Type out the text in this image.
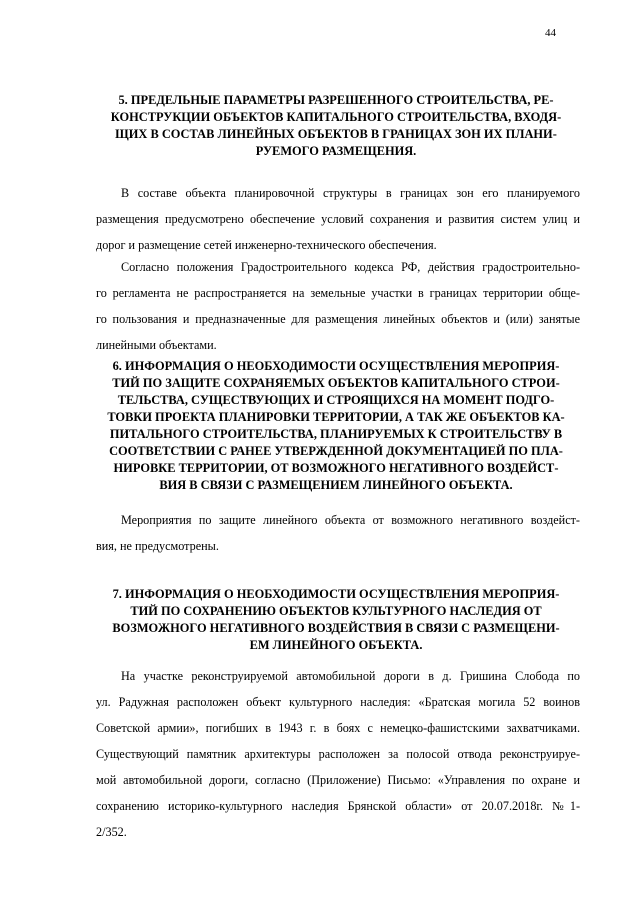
44
5. ПРЕДЕЛЬНЫЕ ПАРАМЕТРЫ РАЗРЕШЕННОГО СТРОИТЕЛЬСТВА, РЕ-
КОНСТРУКЦИИ ОБЪЕКТОВ КАПИТАЛЬНОГО СТРОИТЕЛЬСТВА, ВХОДЯ-
ЩИХ В СОСТАВ ЛИНЕЙНЫХ ОБЪЕКТОВ В ГРАНИЦАХ ЗОН ИХ ПЛАНИ-
РУЕМОГО РАЗМЕЩЕНИЯ.
В составе объекта планировочной структуры в границах зон его планируемого
размещения предусмотрено обеспечение условий сохранения и развития систем улиц и
дорог и размещение сетей инженерно-технического обеспечения.
Согласно положения Градостроительного кодекса РФ, действия градостроительно-
го регламента не распространяется на земельные участки в границах территории обще-
го пользования и предназначенные для размещения линейных объектов и (или) занятые
линейными объектами.
6. ИНФОРМАЦИЯ О НЕОБХОДИМОСТИ ОСУЩЕСТВЛЕНИЯ МЕРОПРИЯ-
ТИЙ ПО ЗАЩИТЕ СОХРАНЯЕМЫХ ОБЪЕКТОВ КАПИТАЛЬНОГО СТРОИ-
ТЕЛЬСТВА, СУЩЕСТВУЮЩИХ И СТРОЯЩИХСЯ НА МОМЕНТ ПОДГО-
ТОВКИ ПРОЕКТА ПЛАНИРОВКИ ТЕРРИТОРИИ, А ТАК ЖЕ ОБЪЕКТОВ КА-
ПИТАЛЬНОГО СТРОИТЕЛЬСТВА, ПЛАНИРУЕМЫХ К СТРОИТЕЛЬСТВУ В
СООТВЕТСТВИИ С РАНЕЕ УТВЕРЖДЕННОЙ ДОКУМЕНТАЦИЕЙ ПО ПЛА-
НИРОВКЕ ТЕРРИТОРИИ, ОТ ВОЗМОЖНОГО НЕГАТИВНОГО ВОЗДЕЙСТ-
ВИЯ В СВЯЗИ С РАЗМЕЩЕНИЕМ ЛИНЕЙНОГО ОБЪЕКТА.
Мероприятия по защите линейного объекта от возможного негативного воздейст-
вия, не предусмотрены.
7. ИНФОРМАЦИЯ О НЕОБХОДИМОСТИ ОСУЩЕСТВЛЕНИЯ МЕРОПРИЯ-
ТИЙ ПО СОХРАНЕНИЮ ОБЪЕКТОВ КУЛЬТУРНОГО НАСЛЕДИЯ ОТ
ВОЗМОЖНОГО НЕГАТИВНОГО ВОЗДЕЙСТВИЯ В СВЯЗИ С РАЗМЕЩЕНИ-
ЕМ ЛИНЕЙНОГО ОБЪЕКТА.
На участке реконструируемой автомобильной дороги в д. Гришина Слобода по
ул. Радужная расположен объект культурного наследия: «Братская могила 52 воинов
Советской армии», погибших в 1943 г. в боях с немецко-фашистскими захватчиками.
Существующий памятник архитектуры расположен за полосой отвода реконструируе-
мой автомобильной дороги, согласно (Приложение) Письмо: «Управления по охране и
сохранению историко-культурного наследия Брянской области» от 20.07.2018г. №1-
2/352.
